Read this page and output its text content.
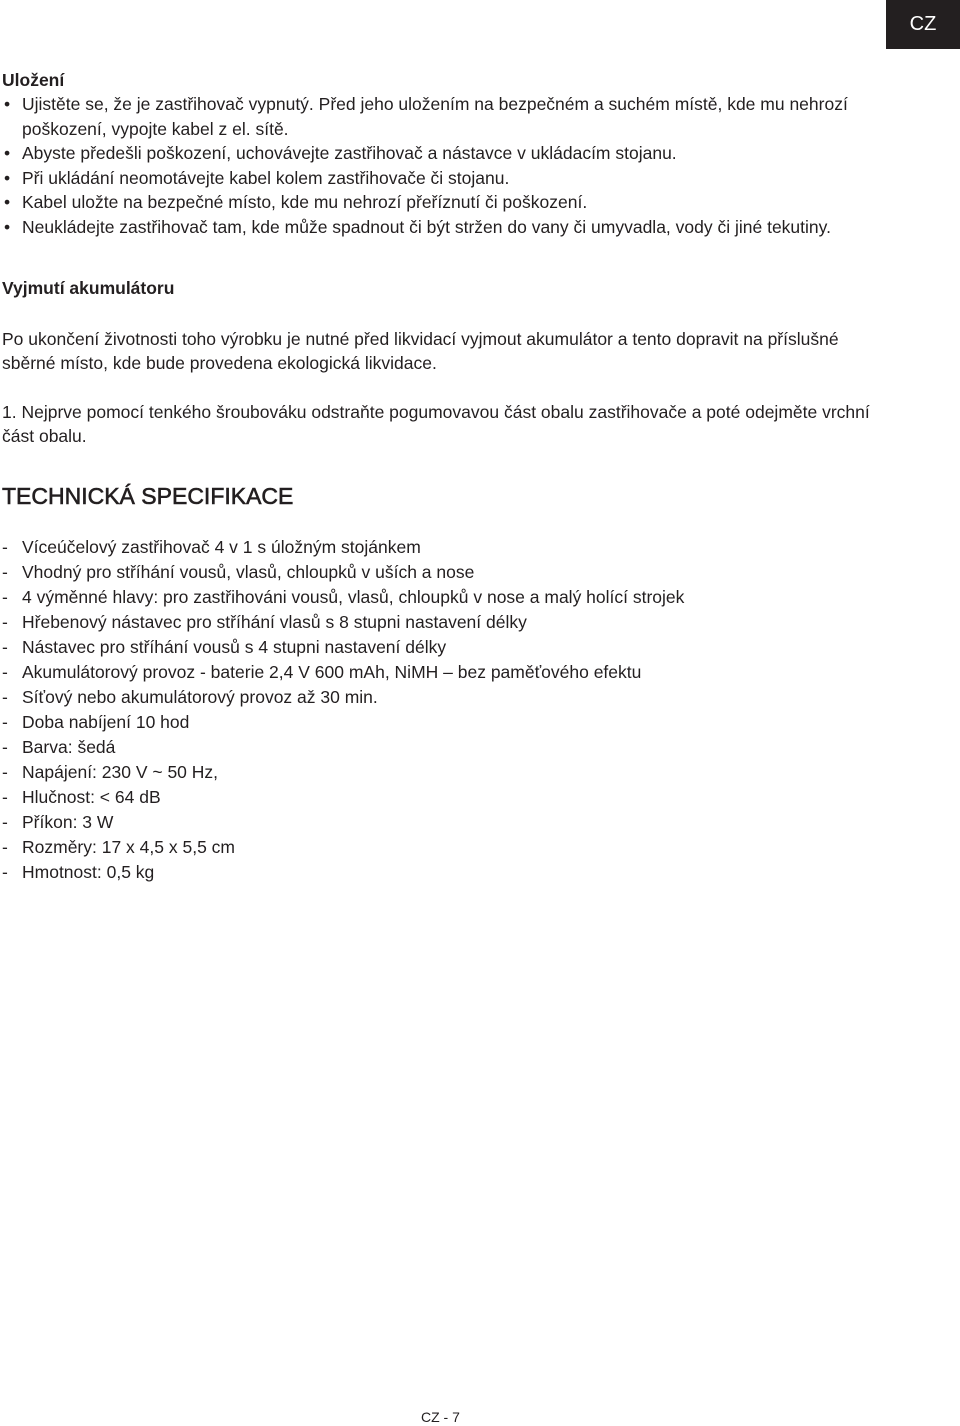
CZ
Uložení
• Ujistěte se, že je zastřihovač vypnutý. Před jeho uložením na bezpečném a suchém místě, kde mu nehrozí poškození, vypojte kabel z el. sítě.
• Abyste předešli poškození, uchovávejte zastřihovač a nástavce v ukládacím stojanu.
• Při ukládání neomotávejte kabel kolem zastřihovače či stojanu.
• Kabel uložte na bezpečné místo, kde mu nehrozí přeříznutí či poškození.
• Neukládejte zastřihovač tam, kde může spadnout či být stržen do vany či umyvadla, vody či jiné tekutiny.
Vyjmutí akumulátoru

Po ukončení životnosti toho výrobku je nutné před likvidací vyjmout akumulátor a tento dopravit na příslušné sběrné místo, kde bude provedena ekologická likvidace.

1. Nejprve pomocí tenkého šroubováku odstraňte pogumovavou část obalu zastřihovače a poté odejměte vrchní část obalu.

TECHNICKÁ SPECIFIKACE
- Víceúčelový zastřihovač 4 v 1 s úložným stojánkem
- Vhodný pro stříhání vousů, vlasů, chloupků v uších a nose
- 4 výměnné hlavy: pro zastřihováni vousů, vlasů, chloupků v nose a malý holící strojek
- Hřebenový nástavec pro stříhání vlasů s 8 stupni nastavení délky
- Nástavec pro stříhání vousů s 4 stupni nastavení délky
- Akumulátorový provoz - baterie 2,4 V 600 mAh, NiMH – bez paměťového efektu
- Síťový nebo akumulátorový provoz až 30 min.
- Doba nabíjení 10 hod
- Barva: šedá
- Napájení: 230 V ~ 50 Hz,
- Hlučnost: < 64 dB
- Příkon: 3 W
- Rozměry: 17 x 4,5 x 5,5 cm
- Hmotnost: 0,5 kg
CZ - 7
